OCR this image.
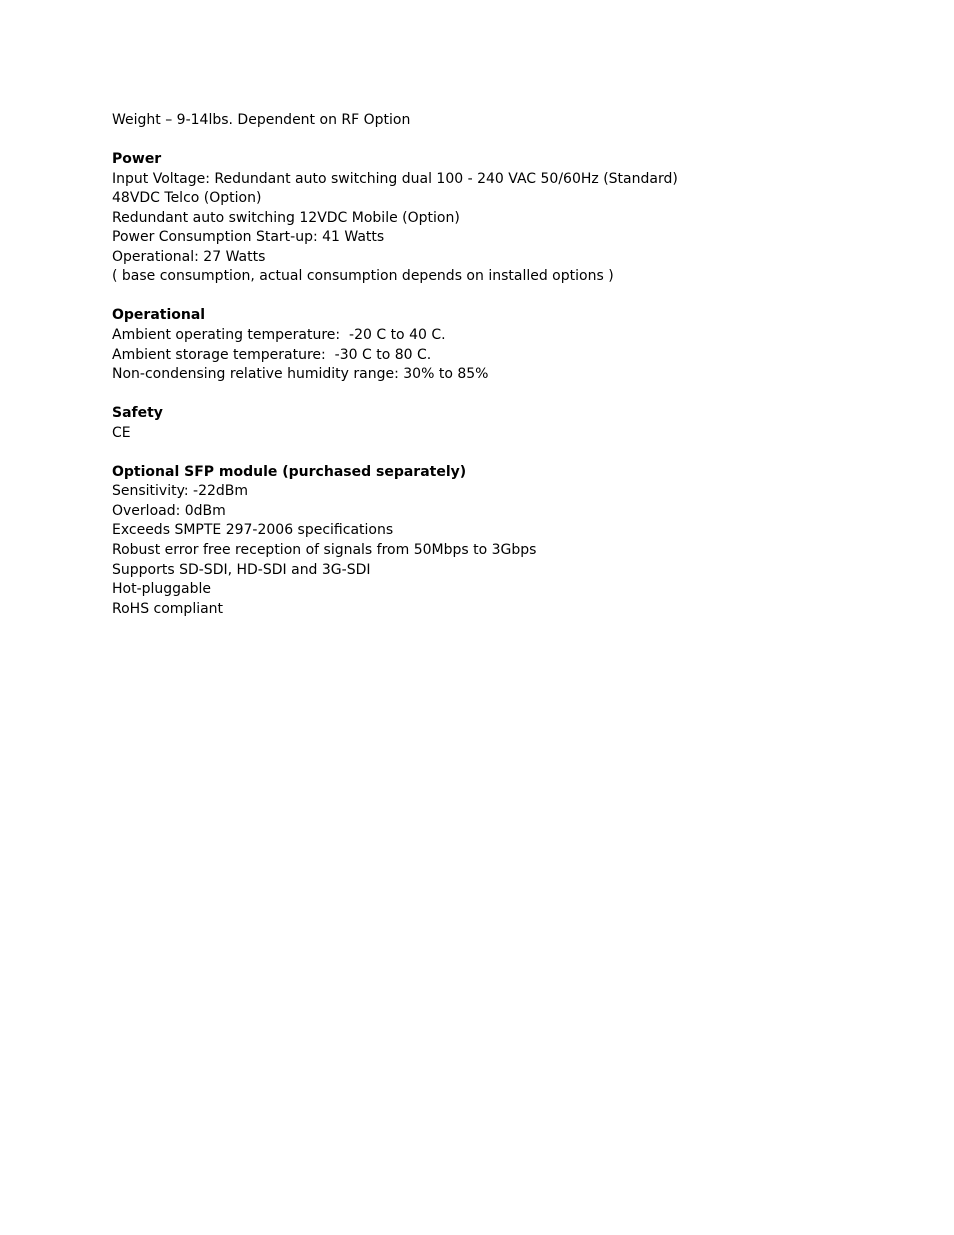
Weight – 9-14lbs. Dependent on RF Option
Power
Input Voltage: Redundant auto switching dual 100 - 240 VAC 50/60Hz (Standard)
48VDC Telco (Option)
Redundant auto switching 12VDC Mobile (Option)
Power Consumption Start-up: 41 Watts
Operational: 27 Watts
( base consumption, actual consumption depends on installed options )
Operational
Ambient operating temperature:  -20 C to 40 C.
Ambient storage temperature:  -30 C to 80 C.
Non-condensing relative humidity range: 30% to 85%
Safety
CE
Optional SFP module (purchased separately)
Sensitivity: -22dBm
Overload: 0dBm
Exceeds SMPTE 297-2006 specifications
Robust error free reception of signals from 50Mbps to 3Gbps
Supports SD-SDI, HD-SDI and 3G-SDI
Hot-pluggable
RoHS compliant
